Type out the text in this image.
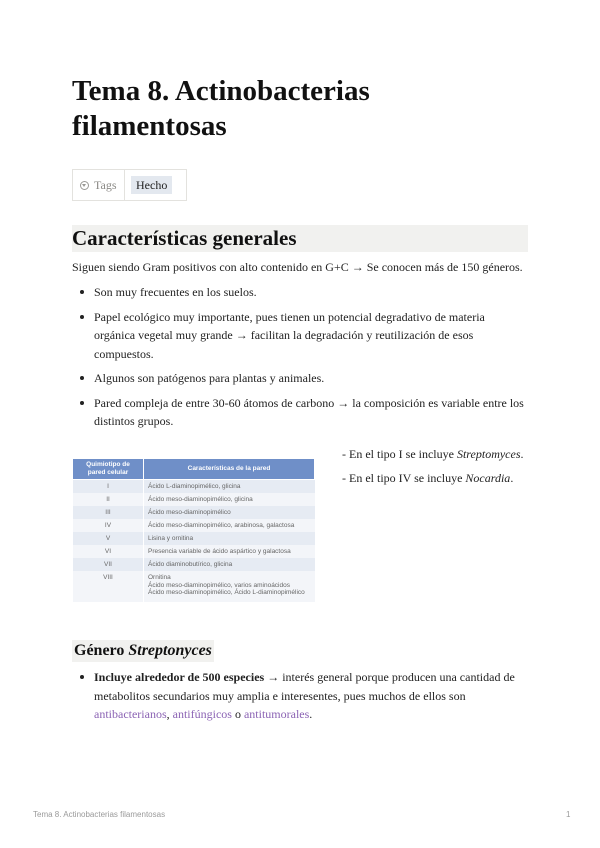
Tema 8. Actinobacterias
filamentosas
Tags	Hecho
Características generales
Siguen siendo Gram positivos con alto contenido en G+C → Se conocen más de 150 géneros.
Son muy frecuentes en los suelos.
Papel ecológico muy importante, pues tienen un potencial degradativo de materia orgánica vegetal muy grande → facilitan la degradación y reutilización de esos compuestos.
Algunos son patógenos para plantas y animales.
Pared compleja de entre 30-60 átomos de carbono → la composición es variable entre los distintos grupos.
Quimiotipo de pared celular	Características de la pared
I	Ácido L-diaminopimélico, glicina
II	Ácido meso-diaminopimélico, glicina
III	Ácido meso-diaminopimélico
IV	Ácido meso-diaminopimélico, arabinosa, galactosa
V	Lisina y ornitina
VI	Presencia variable de ácido aspártico y galactosa
VII	Ácido diaminobutírico, glicina
VIII	Ornitina
Ácido meso-diaminopimélico, varios aminoácidos
Ácido meso-diaminopimélico, Ácido L-diaminopimélico
- En el tipo I se incluye Streptomyces.
- En el tipo IV se incluye Nocardia.
Género Streptonyces
Incluye alrededor de 500 especies → interés general porque producen una cantidad de metabolitos secundarios muy amplia e interesentes, pues muchos de ellos son antibacterianos, antifúngicos o antitumorales.
Tema 8. Actinobacterias filamentosas	1
